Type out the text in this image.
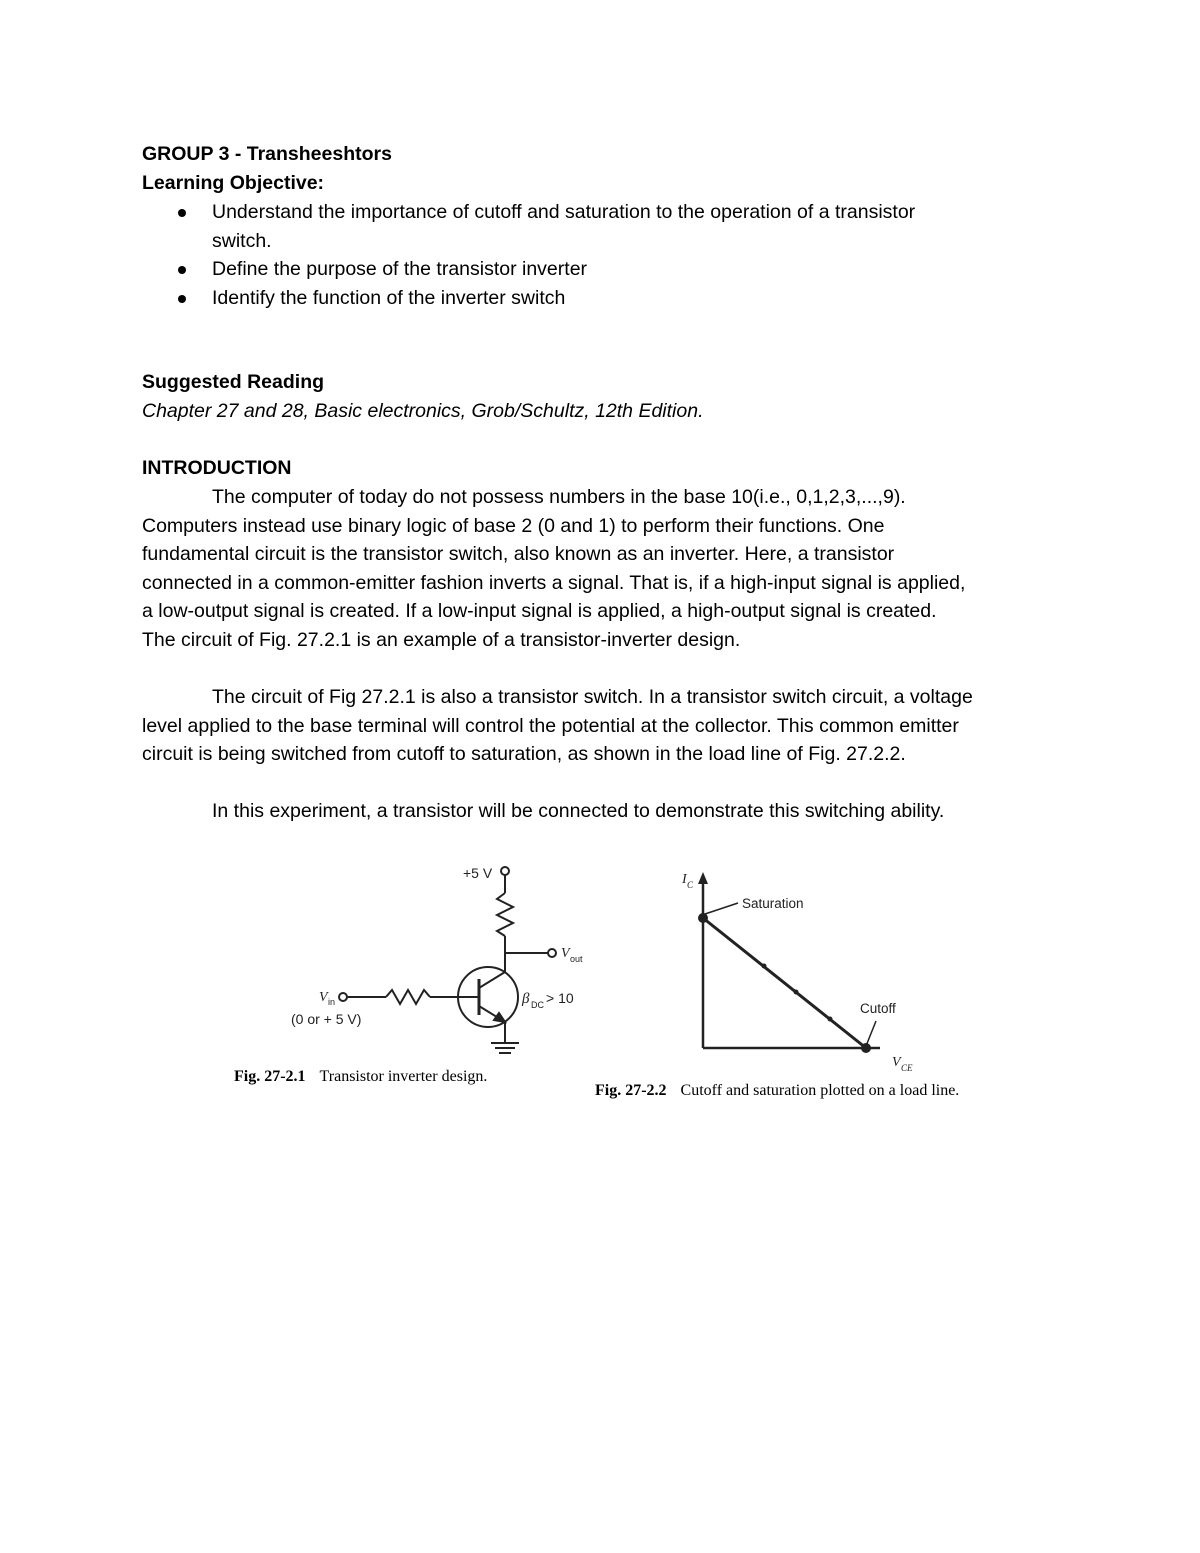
GROUP 3 - Transheeshtors
Learning Objective:
Understand the importance of cutoff and saturation to the operation of a transistor
switch.
Define the purpose of the transistor inverter
Identify the function of the inverter switch
Suggested Reading
Chapter 27 and 28, Basic electronics, Grob/Schultz, 12th Edition.
INTRODUCTION
The computer of today do not possess numbers in the base 10(i.e., 0,1,2,3,...,9).
Computers instead use binary logic of base 2 (0 and 1) to perform their functions. One
fundamental circuit is the transistor switch, also known as an inverter. Here, a transistor
connected in a common-emitter fashion inverts a signal. That is, if a high-input signal is applied,
a low-output signal is created. If a low-input signal is applied, a high-output signal is created.
The circuit of Fig. 27.2.1 is an example of a transistor-inverter design.
The circuit of Fig 27.2.1 is also a transistor switch. In a transistor switch circuit, a voltage
level applied to the base terminal will control the potential at the collector. This common emitter
circuit is being switched from cutoff to saturation, as shown in the load line of Fig. 27.2.2.
In this experiment, a transistor will be connected to demonstrate this switching ability.
+5 V
V out
V in
(0 or + 5 V)
β DC > 10
I C
Saturation
Cutoff
V CE
Fig. 27-2.1 Transistor inverter design.
Fig. 27-2.2 Cutoff and saturation plotted on a load line.
